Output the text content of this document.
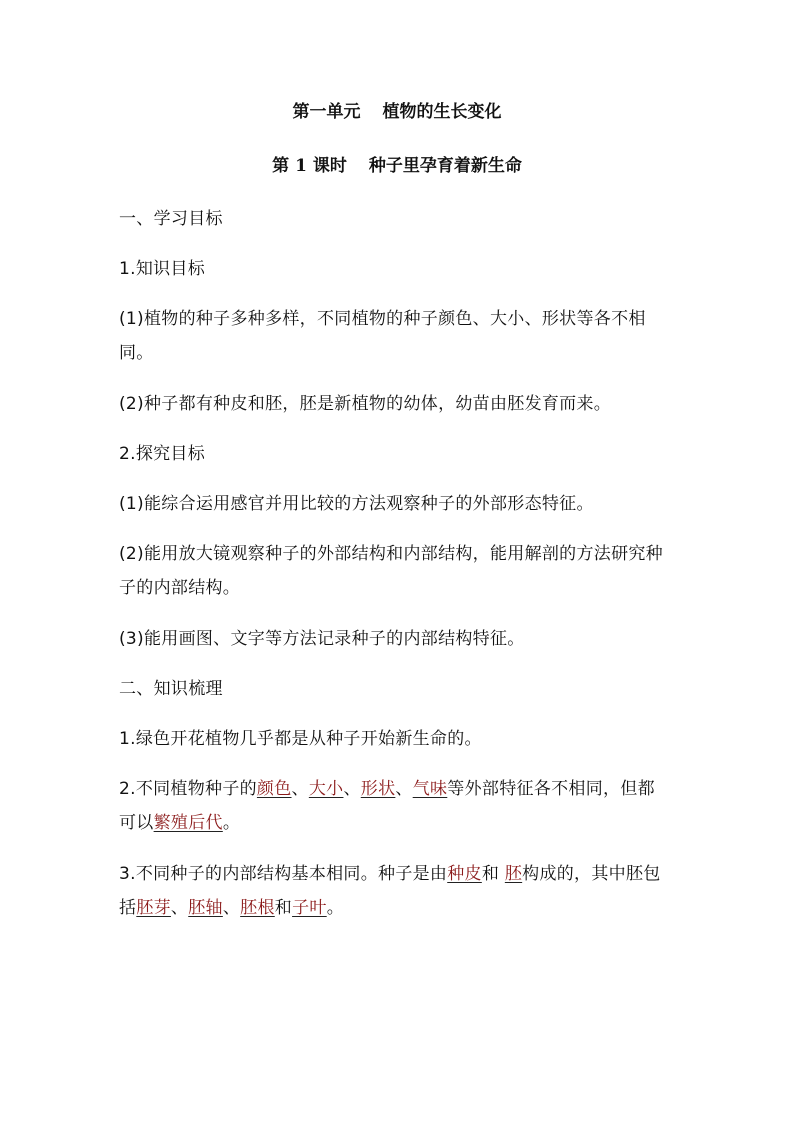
第一单元 植物的生长变化
第 1 课时 种子里孕育着新生命
一、学习目标
1.知识目标
(1)植物的种子多种多样，不同植物的种子颜色、大小、形状等各不相同。
(2)种子都有种皮和胚，胚是新植物的幼体，幼苗由胚发育而来。
2.探究目标
(1)能综合运用感官并用比较的方法观察种子的外部形态特征。
(2)能用放大镜观察种子的外部结构和内部结构，能用解剖的方法研究种子的内部结构。
(3)能用画图、文字等方法记录种子的内部结构特征。
二、知识梳理
1.绿色开花植物几乎都是从种子开始新生命的。
2.不同植物种子的颜色、大小、形状、气味等外部特征各不相同，但都可以繁殖后代。
3.不同种子的内部结构基本相同。种子是由种皮和 胚构成的，其中胚包括胚芽、胚轴、胚根和子叶。
